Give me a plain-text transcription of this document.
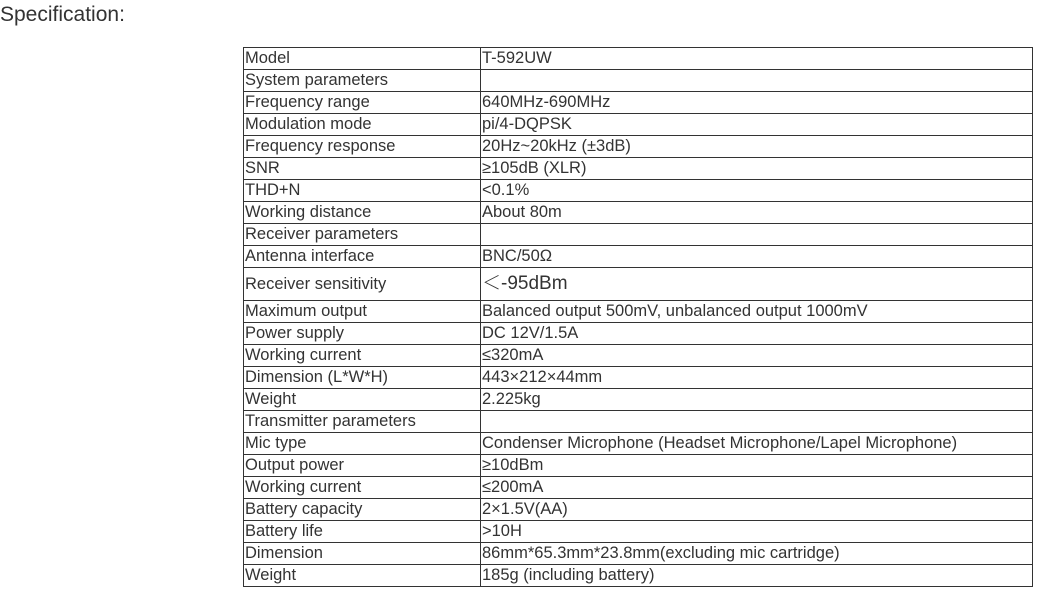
Specification:
Model	T-592UW
System parameters	
Frequency range	640MHz-690MHz
Modulation mode	pi/4-DQPSK
Frequency response	20Hz~20kHz (±3dB)
SNR	≥105dB (XLR)
THD+N	<0.1%
Working distance	About 80m
Receiver parameters	
Antenna interface	BNC/50Ω
Receiver sensitivity	＜-95dBm
Maximum output	Balanced output 500mV, unbalanced output 1000mV
Power supply	DC 12V/1.5A
Working current	≤320mA
Dimension (L*W*H)	443×212×44mm
Weight	2.225kg
Transmitter parameters	
Mic type	Condenser Microphone (Headset Microphone/Lapel Microphone)
Output power	≥10dBm
Working current	≤200mA
Battery capacity	2×1.5V(AA)
Battery life	>10H
Dimension	86mm*65.3mm*23.8mm(excluding mic cartridge)
Weight	185g (including battery)
